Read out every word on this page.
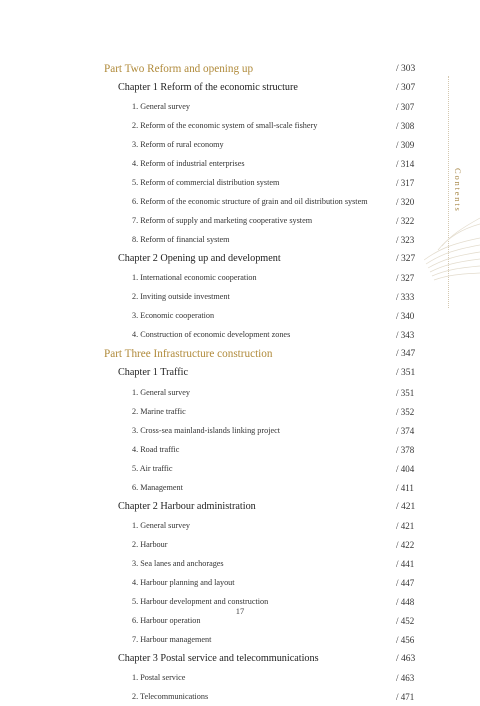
Part Two Reform and opening up	/ 303
Chapter 1 Reform of the economic structure	/ 307
1. General survey	/ 307
2. Reform of the economic system of small-scale fishery	/ 308
3. Reform of rural economy	/ 309
4. Reform of industrial enterprises	/ 314
5. Reform of commercial distribution system	/ 317
6. Reform of the economic structure of grain and oil distribution system	/ 320
7. Reform of supply and marketing cooperative system	/ 322
8. Reform of financial system	/ 323
Chapter 2 Opening up and development	/ 327
1. International economic cooperation	/ 327
2. Inviting outside investment	/ 333
3. Economic cooperation	/ 340
4. Construction of economic development zones	/ 343
Part Three Infrastructure construction	/ 347
Chapter 1 Traffic	/ 351
1. General survey	/ 351
2. Marine traffic	/ 352
3. Cross-sea mainland-islands linking project	/ 374
4. Road traffic	/ 378
5. Air traffic	/ 404
6. Management	/ 411
Chapter 2 Harbour administration	/ 421
1. General survey	/ 421
2. Harbour	/ 422
3. Sea lanes and anchorages	/ 441
4. Harbour planning and layout	/ 447
5. Harbour development and construction	/ 448
6. Harbour operation	/ 452
7. Harbour management	/ 456
Chapter 3 Postal service and telecommunications	/ 463
1. Postal service	/ 463
2. Telecommunications	/ 471
Contents
17
